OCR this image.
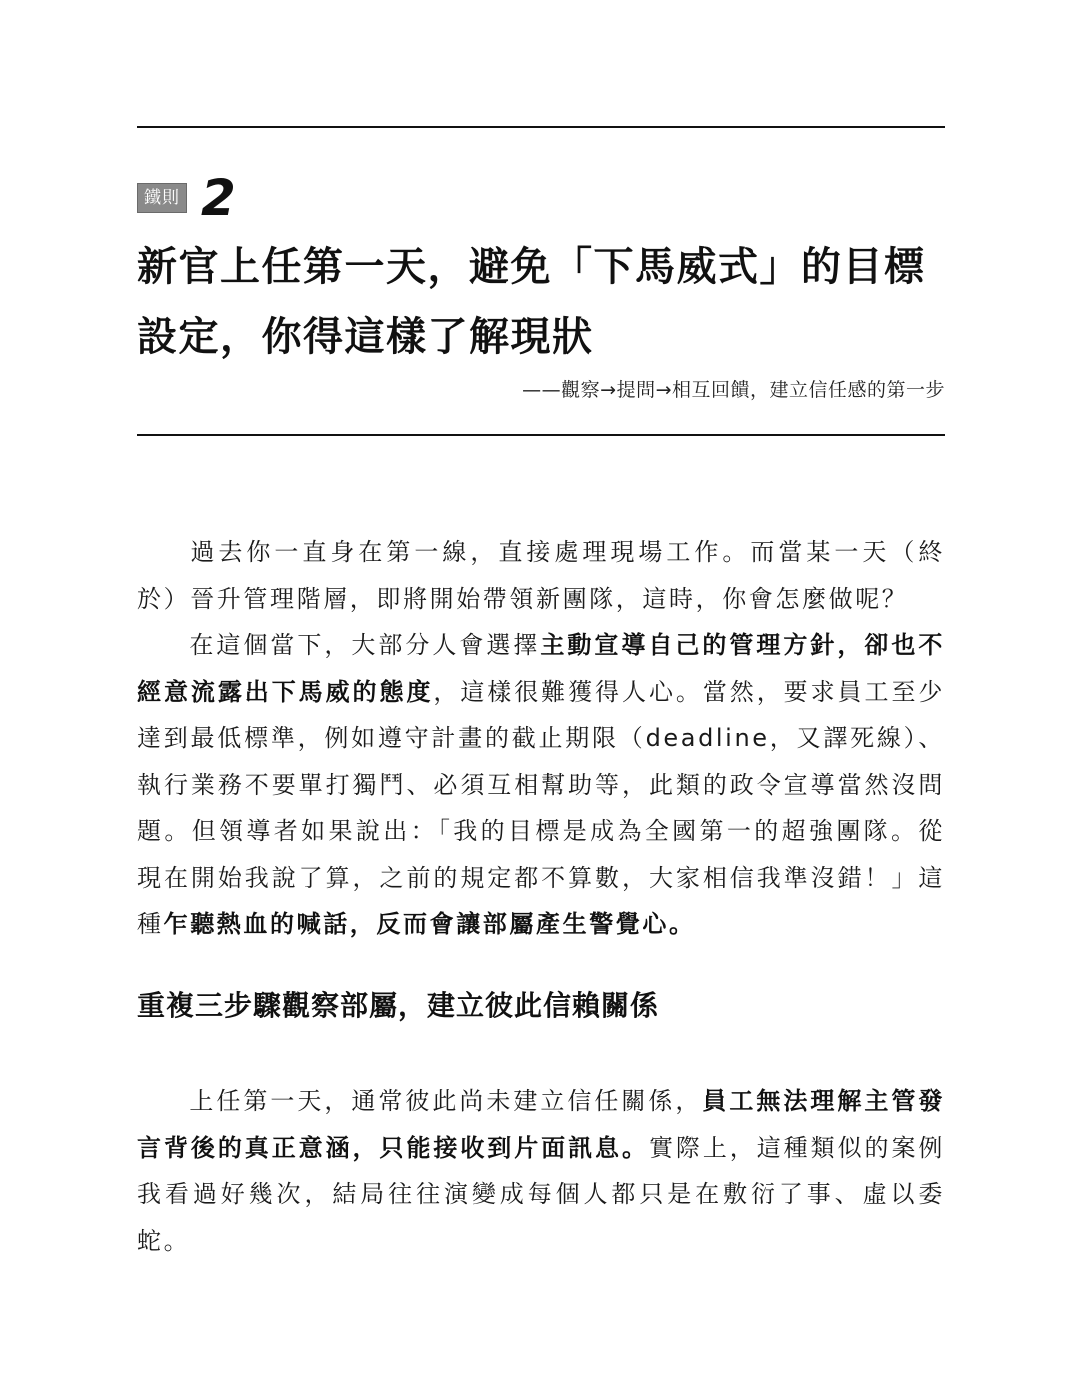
鐵則 2
新官上任第一天，避免「下馬威式」的目標設定，你得這樣了解現狀
——觀察→提問→相互回饋，建立信任感的第一步

過去你一直身在第一線，直接處理現場工作。而當某一天（終於）晉升管理階層，即將開始帶領新團隊，這時，你會怎麼做呢？

在這個當下，大部分人會選擇主動宣導自己的管理方針，卻也不經意流露出下馬威的態度，這樣很難獲得人心。當然，要求員工至少達到最低標準，例如遵守計畫的截止期限（deadline，又譯死線）、執行業務不要單打獨鬥、必須互相幫助等，此類的政令宣導當然沒問題。但領導者如果說出：「我的目標是成為全國第一的超強團隊。從現在開始我說了算，之前的規定都不算數，大家相信我準沒錯！」這種乍聽熱血的喊話，反而會讓部屬產生警覺心。

重複三步驟觀察部屬，建立彼此信賴關係

上任第一天，通常彼此尚未建立信任關係，員工無法理解主管發言背後的真正意涵，只能接收到片面訊息。實際上，這種類似的案例我看過好幾次，結局往往演變成每個人都只是在敷衍了事、虛以委蛇。
